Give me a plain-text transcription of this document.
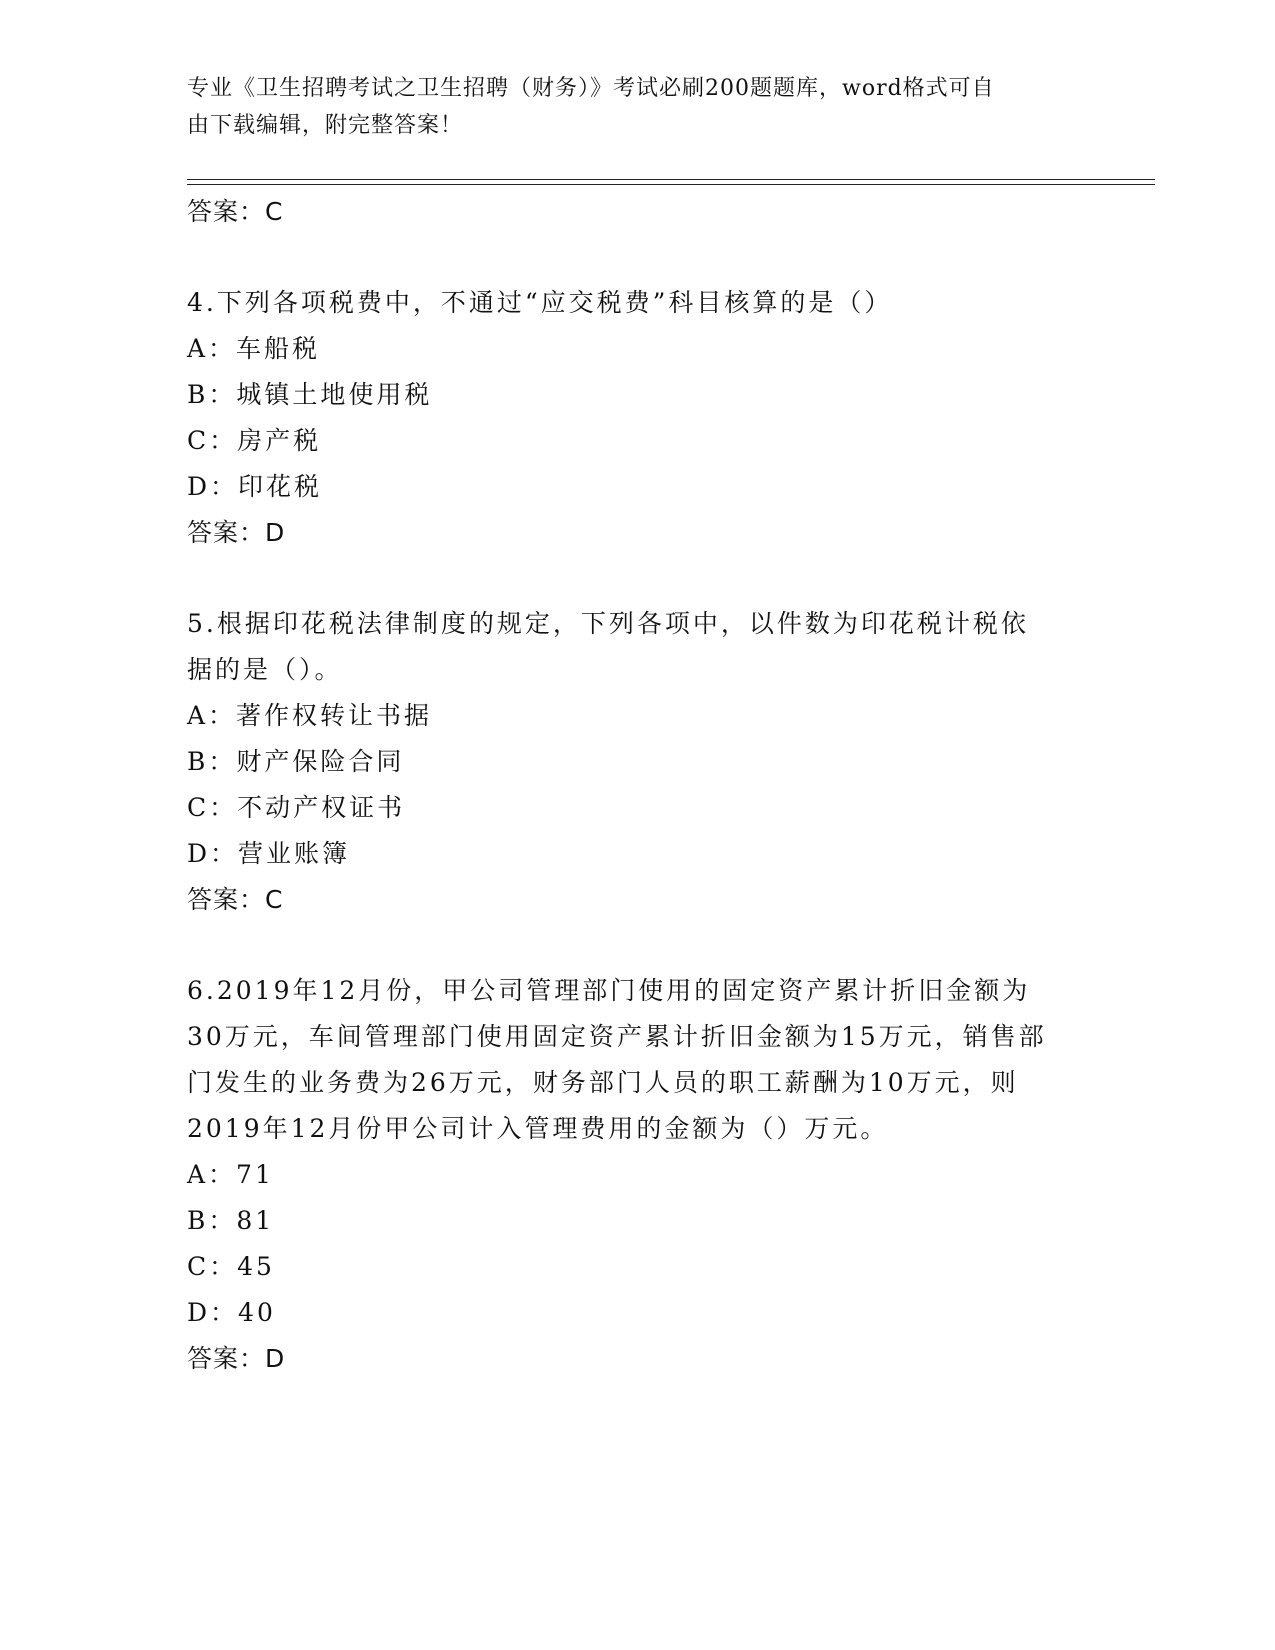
专业《卫生招聘考试之卫生招聘（财务）》考试必刷200题题库，word格式可自
由下载编辑，附完整答案！
答案：C
4.下列各项税费中，不通过“应交税费”科目核算的是（）
A：车船税
B：城镇土地使用税
C：房产税
D：印花税
答案：D
5.根据印花税法律制度的规定，下列各项中，以件数为印花税计税依
据的是（）。
A：著作权转让书据
B：财产保险合同
C：不动产权证书
D：营业账簿
答案：C
6.2019年12月份，甲公司管理部门使用的固定资产累计折旧金额为
30万元，车间管理部门使用固定资产累计折旧金额为15万元，销售部
门发生的业务费为26万元，财务部门人员的职工薪酬为10万元，则
2019年12月份甲公司计入管理费用的金额为（）万元。
A：71
B：81
C：45
D：40
答案：D
